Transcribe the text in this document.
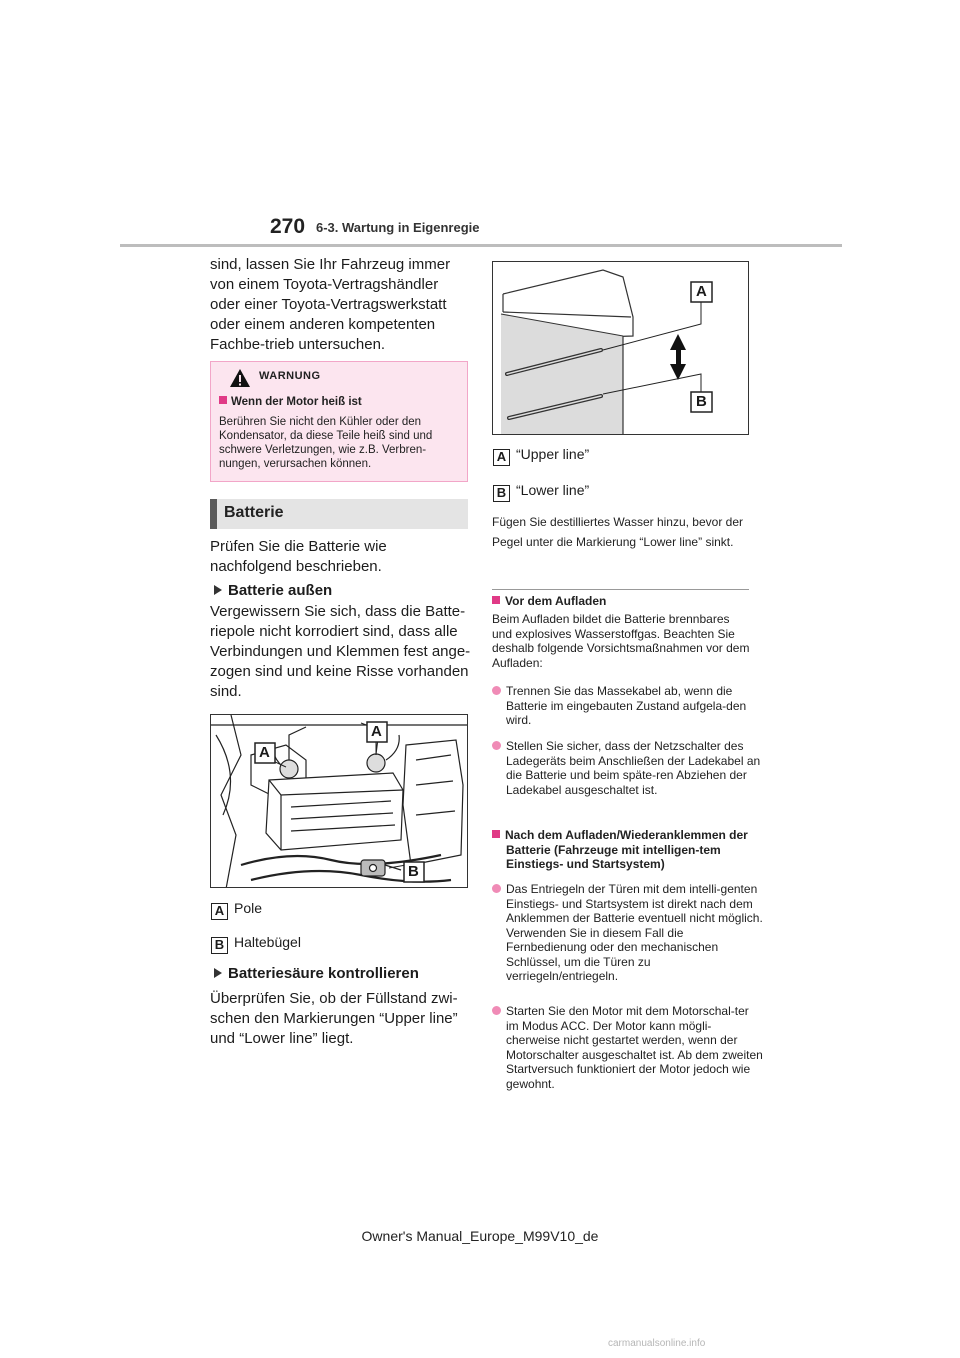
270 6-3. Wartung in Eigenregie
sind, lassen Sie Ihr Fahrzeug immer von einem Toyota-Vertragshändler oder einer Toyota-Vertragswerkstatt oder einem anderen kompetenten Fachbe-trieb untersuchen.
WARNUNG
Wenn der Motor heiß ist
Berühren Sie nicht den Kühler oder den Kondensator, da diese Teile heiß sind und schwere Verletzungen, wie z.B. Verbren-nungen, verursachen können.
Batterie
Prüfen Sie die Batterie wie nachfolgend beschrieben.
Batterie außen
Vergewissern Sie sich, dass die Batte-riepole nicht korrodiert sind, dass alle Verbindungen und Klemmen fest ange-zogen sind und keine Risse vorhanden sind.
A
A
B
A Pole
B Haltebügel
Batteriesäure kontrollieren
Überprüfen Sie, ob der Füllstand zwi-schen den Markierungen “Upper line” und “Lower line” liegt.
A
B
A “Upper line”
B “Lower line”
Fügen Sie destilliertes Wasser hinzu, bevor der Pegel unter die Markierung “Lower line” sinkt.
Vor dem Aufladen
Beim Aufladen bildet die Batterie brennbares und explosives Wasserstoffgas. Beachten Sie deshalb folgende Vorsichtsmaßnahmen vor dem Aufladen:
Trennen Sie das Massekabel ab, wenn die Batterie im eingebauten Zustand aufgela-den wird.
Stellen Sie sicher, dass der Netzschalter des Ladegeräts beim Anschließen der Ladekabel an die Batterie und beim späte-ren Abziehen der Ladekabel ausgeschaltet ist.
Nach dem Aufladen/Wiederanklemmen der Batterie (Fahrzeuge mit intelligen-tem Einstiegs- und Startsystem)
Das Entriegeln der Türen mit dem intelli-genten Einstiegs- und Startsystem ist direkt nach dem Anklemmen der Batterie eventuell nicht möglich. Verwenden Sie in diesem Fall die Fernbedienung oder den mechanischen Schlüssel, um die Türen zu verriegeln/entriegeln.
Starten Sie den Motor mit dem Motorschal-ter im Modus ACC. Der Motor kann mögli-cherweise nicht gestartet werden, wenn der Motorschalter ausgeschaltet ist. Ab dem zweiten Startversuch funktioniert der Motor jedoch wie gewohnt.
Owner's Manual_Europe_M99V10_de
carmanualsonline.info
